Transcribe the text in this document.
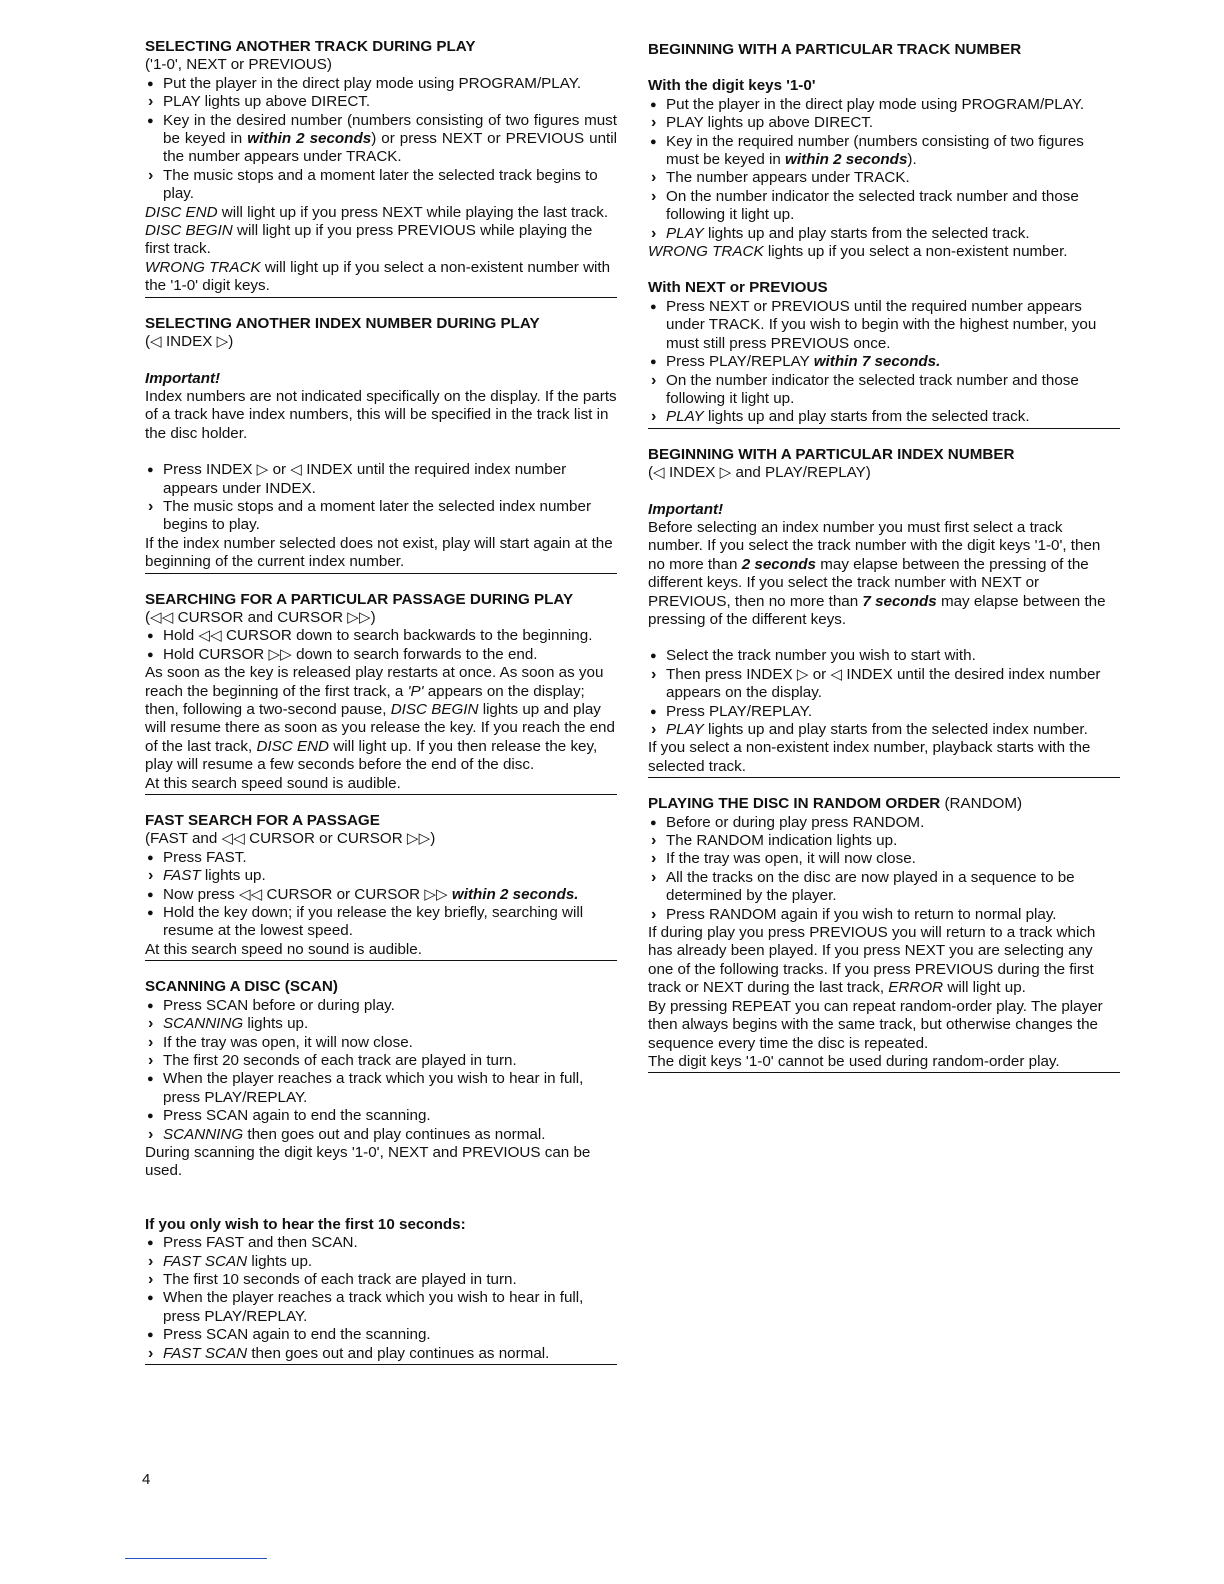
SELECTING ANOTHER TRACK DURING PLAY

('1-0', NEXT or PREVIOUS)

●
Put the player in the direct play mode using PROGRAM/PLAY.

›
PLAY lights up above DIRECT.

●
Key in the desired number (numbers consisting of two figures must be keyed in within 2 seconds) or press NEXT or PREVIOUS until the number appears under TRACK.

›
The music stops and a moment later the selected track begins to play.

DISC END will light up if you press NEXT while playing the last track.

DISC BEGIN will light up if you press PREVIOUS while playing the first track.

WRONG TRACK will light up if you select a non-existent number with the '1-0' digit keys.

SELECTING ANOTHER INDEX NUMBER DURING PLAY

(◁ INDEX ▷)

Important!

Index numbers are not indicated specifically on the display. If the parts of a track have index numbers, this will be specified in the track list in the disc holder.

●
Press INDEX ▷ or ◁ INDEX until the required index number appears under INDEX.

›
The music stops and a moment later the selected index number begins to play.

If the index number selected does not exist, play will start again at the beginning of the current index number.

SEARCHING FOR A PARTICULAR PASSAGE DURING PLAY

(◁◁ CURSOR and CURSOR ▷▷)

●
Hold ◁◁ CURSOR down to search backwards to the beginning.

●
Hold CURSOR ▷▷ down to search forwards to the end.

As soon as the key is released play restarts at once. As soon as you reach the beginning of the first track, a 'P' appears on the display; then, following a two-second pause, DISC BEGIN lights up and play will resume there as soon as you release the key. If you reach the end of the last track, DISC END will light up. If you then release the key, play will resume a few seconds before the end of the disc.

At this search speed sound is audible.

FAST SEARCH FOR A PASSAGE

(FAST and ◁◁ CURSOR or CURSOR ▷▷)

●
Press FAST.

›
FAST lights up.

●
Now press ◁◁ CURSOR or CURSOR ▷▷ within 2 seconds.

●
Hold the key down; if you release the key briefly, searching will resume at the lowest speed.

At this search speed no sound is audible.

SCANNING A DISC (SCAN)

●
Press SCAN before or during play.

›
SCANNING lights up.

›
If the tray was open, it will now close.

›
The first 20 seconds of each track are played in turn.

●
When the player reaches a track which you wish to hear in full, press PLAY/REPLAY.

●
Press SCAN again to end the scanning.

›
SCANNING then goes out and play continues as normal.

During scanning the digit keys '1-0', NEXT and PREVIOUS can be used.

If you only wish to hear the first 10 seconds:

●
Press FAST and then SCAN.

›
FAST SCAN lights up.

›
The first 10 seconds of each track are played in turn.

●
When the player reaches a track which you wish to hear in full, press PLAY/REPLAY.

●
Press SCAN again to end the scanning.

›
FAST SCAN then goes out and play continues as normal.

BEGINNING WITH A PARTICULAR TRACK NUMBER
With the digit keys '1-0'

●
Put the player in the direct play mode using PROGRAM/PLAY.

›
PLAY lights up above DIRECT.

●
Key in the required number (numbers consisting of two figures must be keyed in within 2 seconds).

›
The number appears under TRACK.

›
On the number indicator the selected track number and those following it light up.

›
PLAY lights up and play starts from the selected track.

WRONG TRACK lights up if you select a non-existent number.

With NEXT or PREVIOUS

●
Press NEXT or PREVIOUS until the required number appears under TRACK. If you wish to begin with the highest number, you must still press PREVIOUS once.

●
Press PLAY/REPLAY within 7 seconds.

›
On the number indicator the selected track number and those following it light up.

›
PLAY lights up and play starts from the selected track.

BEGINNING WITH A PARTICULAR INDEX NUMBER

(◁ INDEX ▷ and PLAY/REPLAY)

Important!

Before selecting an index number you must first select a track number. If you select the track number with the digit keys '1-0', then no more than 2 seconds may elapse between the pressing of the different keys. If you select the track number with NEXT or PREVIOUS, then no more than 7 seconds may elapse between the pressing of the different keys.

●
Select the track number you wish to start with.

›
Then press INDEX ▷ or ◁ INDEX until the desired index number appears on the display.

●
Press PLAY/REPLAY.

›
PLAY lights up and play starts from the selected index number.

If you select a non-existent index number, playback starts with the selected track.

PLAYING THE DISC IN RANDOM ORDER (RANDOM)

●
Before or during play press RANDOM.

›
The RANDOM indication lights up.

›
If the tray was open, it will now close.

›
All the tracks on the disc are now played in a sequence to be determined by the player.

›
Press RANDOM again if you wish to return to normal play.

If during play you press PREVIOUS you will return to a track which has already been played. If you press NEXT you are selecting any one of the following tracks. If you press PREVIOUS during the first track or NEXT during the last track, ERROR will light up.

By pressing REPEAT you can repeat random-order play. The player then always begins with the same track, but otherwise changes the sequence every time the disc is repeated.

The digit keys '1-0' cannot be used during random-order play.

4
